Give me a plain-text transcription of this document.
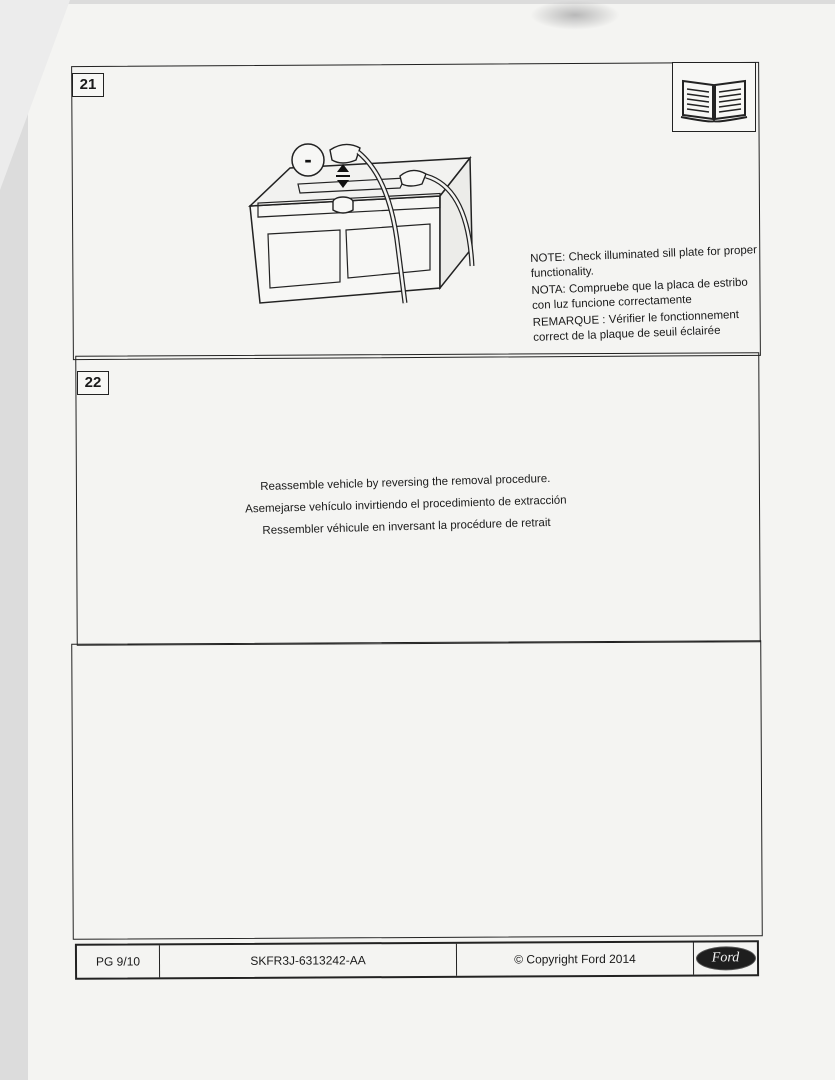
21
-

NOTE: Check illuminated sill plate for proper functionality.

NOTA: Compruebe que la placa de estribo con luz funcione correctamente

REMARQUE : Vérifier le fonctionnement correct de la plaque de seuil éclairée

22

Reassemble vehicle by reversing the removal procedure.

Asemejarse vehículo invirtiendo el procedimiento de extracción

Ressembler véhicule en inversant la procédure de retrait

PG 9/10	SKFR3J-6313242-AA	© Copyright Ford 2014	Ford
